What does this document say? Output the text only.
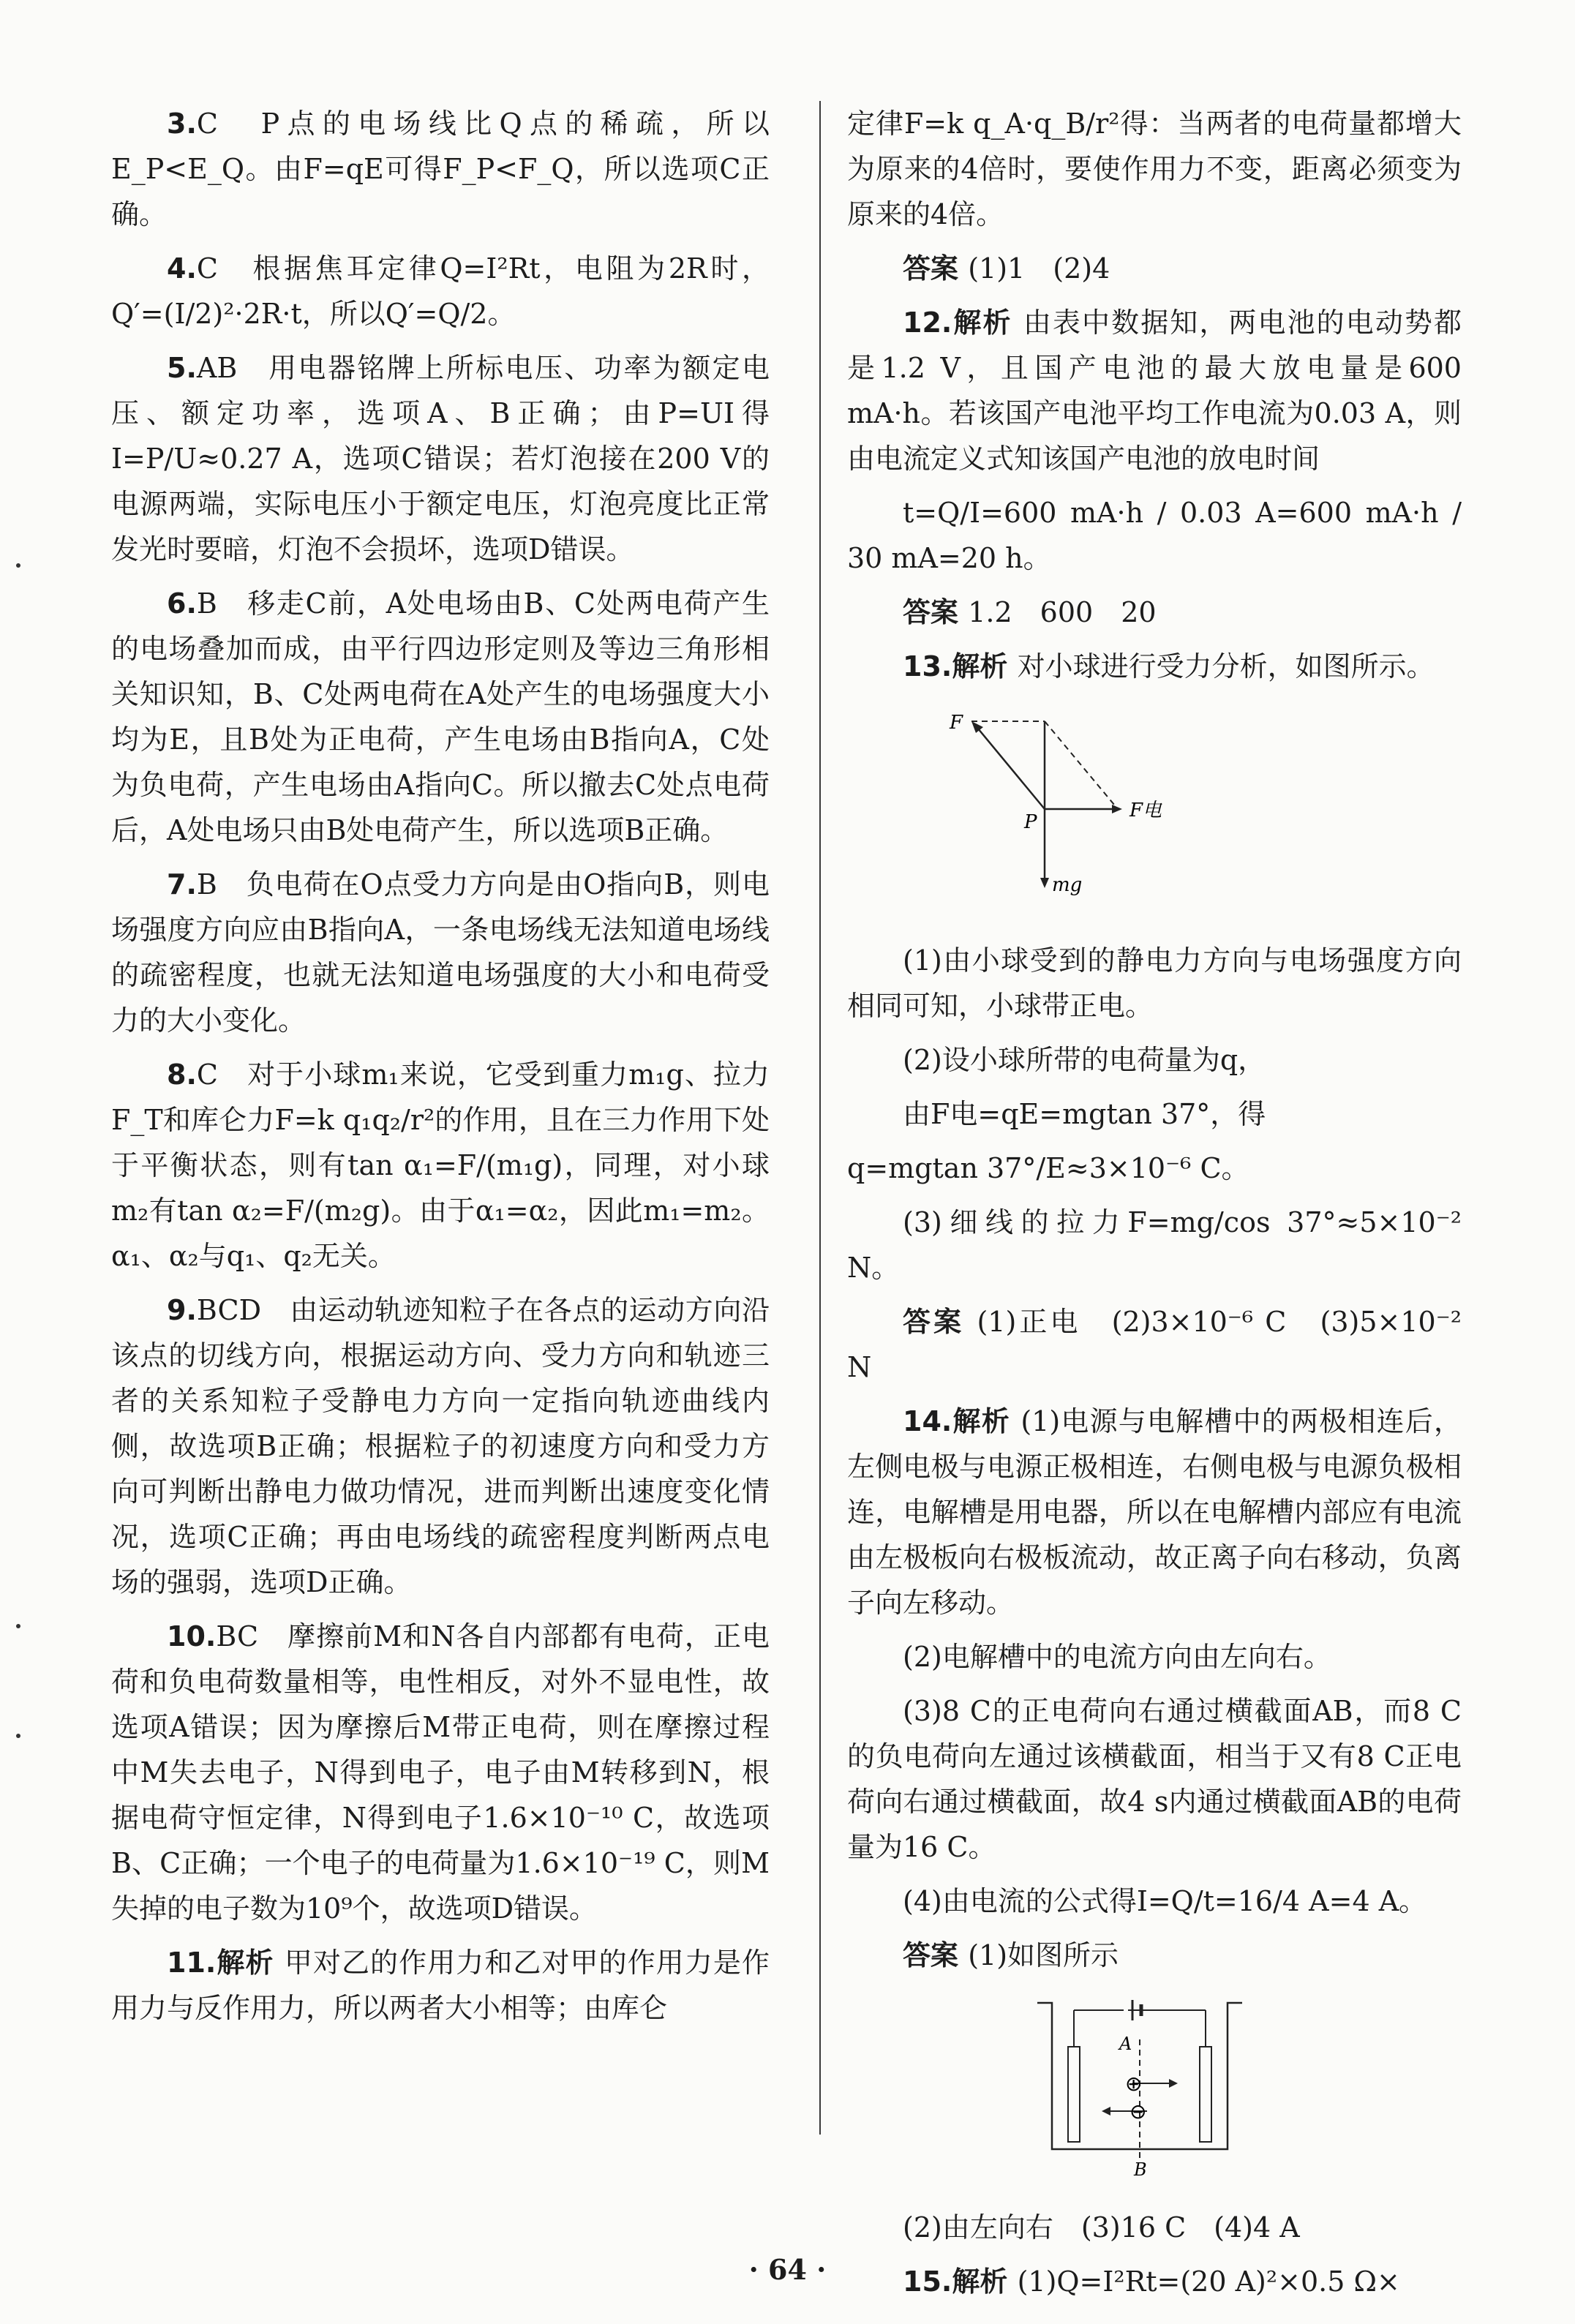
3.C　P点的电场线比Q点的稀疏，所以E_P<E_Q。由F=qE可得F_P<F_Q，所以选项C正确。

4.C　根据焦耳定律Q=I²Rt，电阻为2R时，Q′=(I/2)²·2R·t，所以Q′=Q/2。

5.AB　用电器铭牌上所标电压、功率为额定电压、额定功率，选项A、B正确；由P=UI得I=P/U≈0.27 A，选项C错误；若灯泡接在200 V的电源两端，实际电压小于额定电压，灯泡亮度比正常发光时要暗，灯泡不会损坏，选项D错误。

6.B　移走C前，A处电场由B、C处两电荷产生的电场叠加而成，由平行四边形定则及等边三角形相关知识知，B、C处两电荷在A处产生的电场强度大小均为E，且B处为正电荷，产生电场由B指向A，C处为负电荷，产生电场由A指向C。所以撤去C处点电荷后，A处电场只由B处电荷产生，所以选项B正确。

7.B　负电荷在O点受力方向是由O指向B，则电场强度方向应由B指向A，一条电场线无法知道电场线的疏密程度，也就无法知道电场强度的大小和电荷受力的大小变化。

8.C　对于小球m₁来说，它受到重力m₁g、拉力F_T和库仑力F=k q₁q₂/r²的作用，且在三力作用下处于平衡状态，则有tan α₁=F/(m₁g)，同理，对小球m₂有tan α₂=F/(m₂g)。由于α₁=α₂，因此m₁=m₂。α₁、α₂与q₁、q₂无关。

9.BCD　由运动轨迹知粒子在各点的运动方向沿该点的切线方向，根据运动方向、受力方向和轨迹三者的关系知粒子受静电力方向一定指向轨迹曲线内侧，故选项B正确；根据粒子的初速度方向和受力方向可判断出静电力做功情况，进而判断出速度变化情况，选项C正确；再由电场线的疏密程度判断两点电场的强弱，选项D正确。

10.BC　摩擦前M和N各自内部都有电荷，正电荷和负电荷数量相等，电性相反，对外不显电性，故选项A错误；因为摩擦后M带正电荷，则在摩擦过程中M失去电子，N得到电子，电子由M转移到N，根据电荷守恒定律，N得到电子1.6×10⁻¹⁰ C，故选项B、C正确；一个电子的电荷量为1.6×10⁻¹⁹ C，则M失掉的电子数为10⁹个，故选项D错误。

11.解析 甲对乙的作用力和乙对甲的作用力是作用力与反作用力，所以两者大小相等；由库仑

定律F=k q_A·q_B/r²得：当两者的电荷量都增大为原来的4倍时，要使作用力不变，距离必须变为原来的4倍。

答案 (1)1　(2)4

12.解析 由表中数据知，两电池的电动势都是1.2 V，且国产电池的最大放电量是600 mA·h。若该国产电池平均工作电流为0.03 A，则由电流定义式知该国产电池的放电时间

t=Q/I=600 mA·h / 0.03 A=600 mA·h / 30 mA=20 h。

答案 1.2　600　20

13.解析 对小球进行受力分析，如图所示。

F
P
F电
mg

(1)由小球受到的静电力方向与电场强度方向相同可知，小球带正电。

(2)设小球所带的电荷量为q，

由F电=qE=mgtan 37°，得

q=mgtan 37°/E≈3×10⁻⁶ C。

(3)细线的拉力F=mg/cos 37°≈5×10⁻² N。

答案 (1)正电　(2)3×10⁻⁶ C　(3)5×10⁻² N

14.解析 (1)电源与电解槽中的两极相连后，左侧电极与电源正极相连，右侧电极与电源负极相连，电解槽是用电器，所以在电解槽内部应有电流由左极板向右极板流动，故正离子向右移动，负离子向左移动。

(2)电解槽中的电流方向由左向右。

(3)8 C的正电荷向右通过横截面AB，而8 C的负电荷向左通过该横截面，相当于又有8 C正电荷向右通过横截面，故4 s内通过横截面AB的电荷量为16 C。

(4)由电流的公式得I=Q/t=16/4 A=4 A。

答案 (1)如图所示

⊕
⊖
A
B

(2)由左向右　(3)16 C　(4)4 A

15.解析 (1)Q=I²Rt=(20 A)²×0.5 Ω×

· 64 ·
